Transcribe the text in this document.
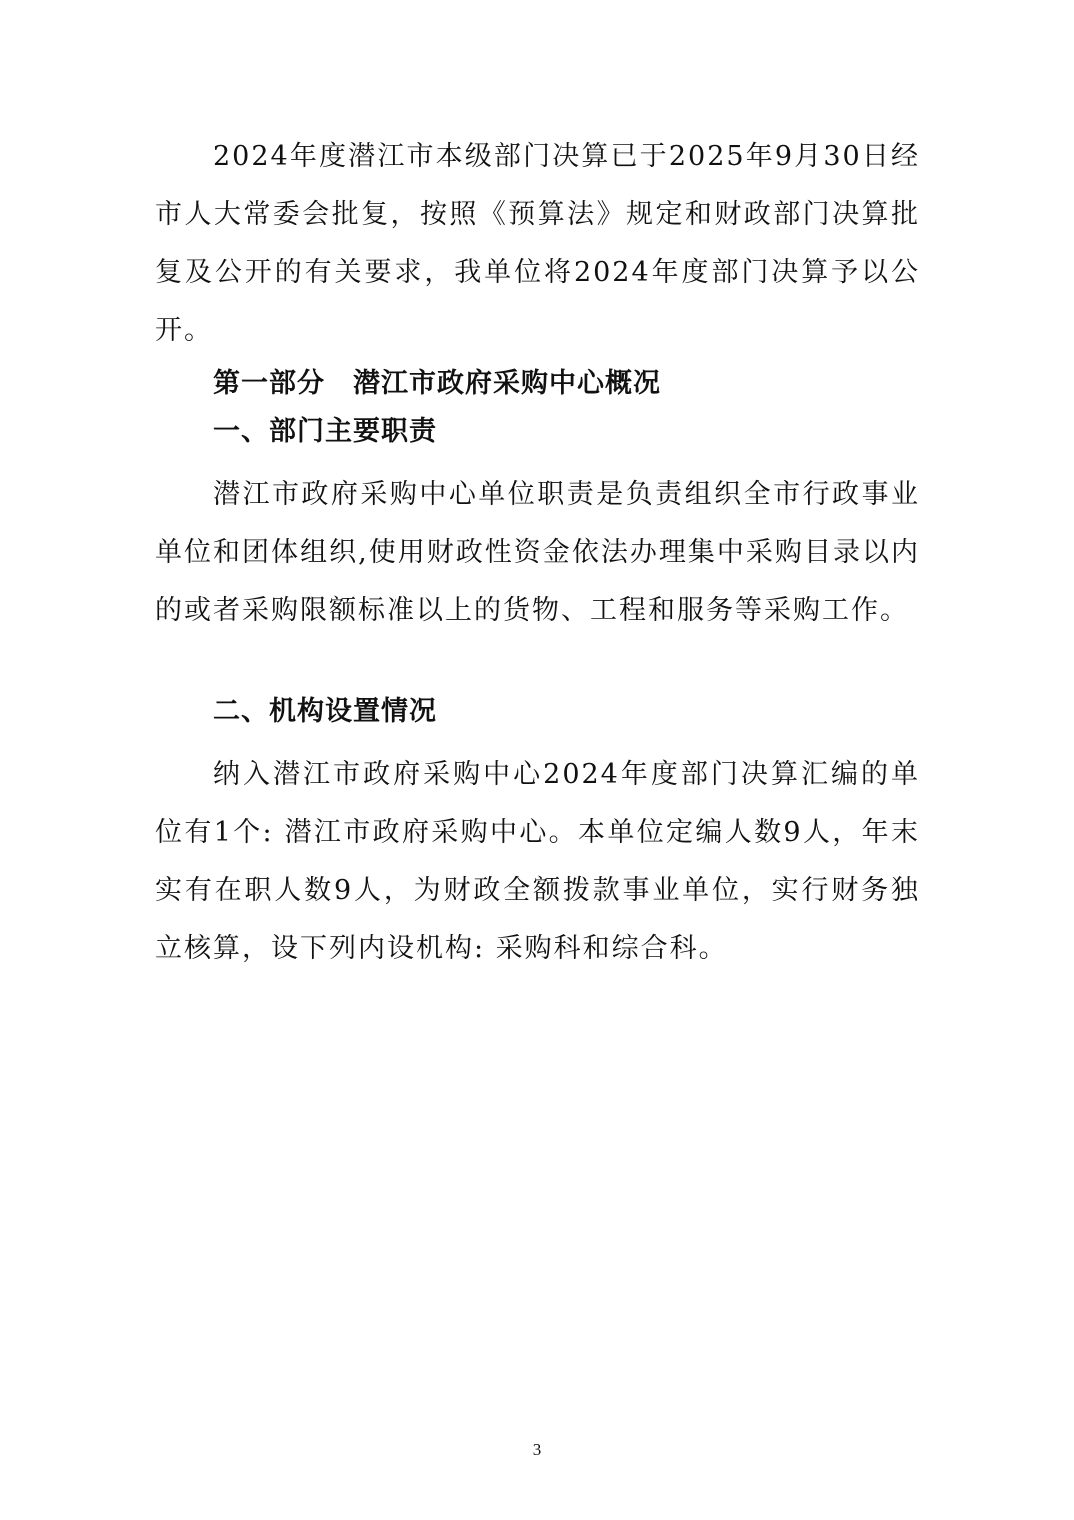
2024年度潜江市本级部门决算已于2025年9月30日经市人大常委会批复，按照《预算法》规定和财政部门决算批复及公开的有关要求，我单位将2024年度部门决算予以公开。

第一部分　潜江市政府采购中心概况

一、部门主要职责

潜江市政府采购中心单位职责是负责组织全市行政事业单位和团体组织,使用财政性资金依法办理集中采购目录以内的或者采购限额标准以上的货物、工程和服务等采购工作。

二、机构设置情况

纳入潜江市政府采购中心2024年度部门决算汇编的单位有1个: 潜江市政府采购中心。本单位定编人数9人，年末实有在职人数9人，为财政全额拨款事业单位，实行财务独立核算，设下列内设机构: 采购科和综合科。

3
